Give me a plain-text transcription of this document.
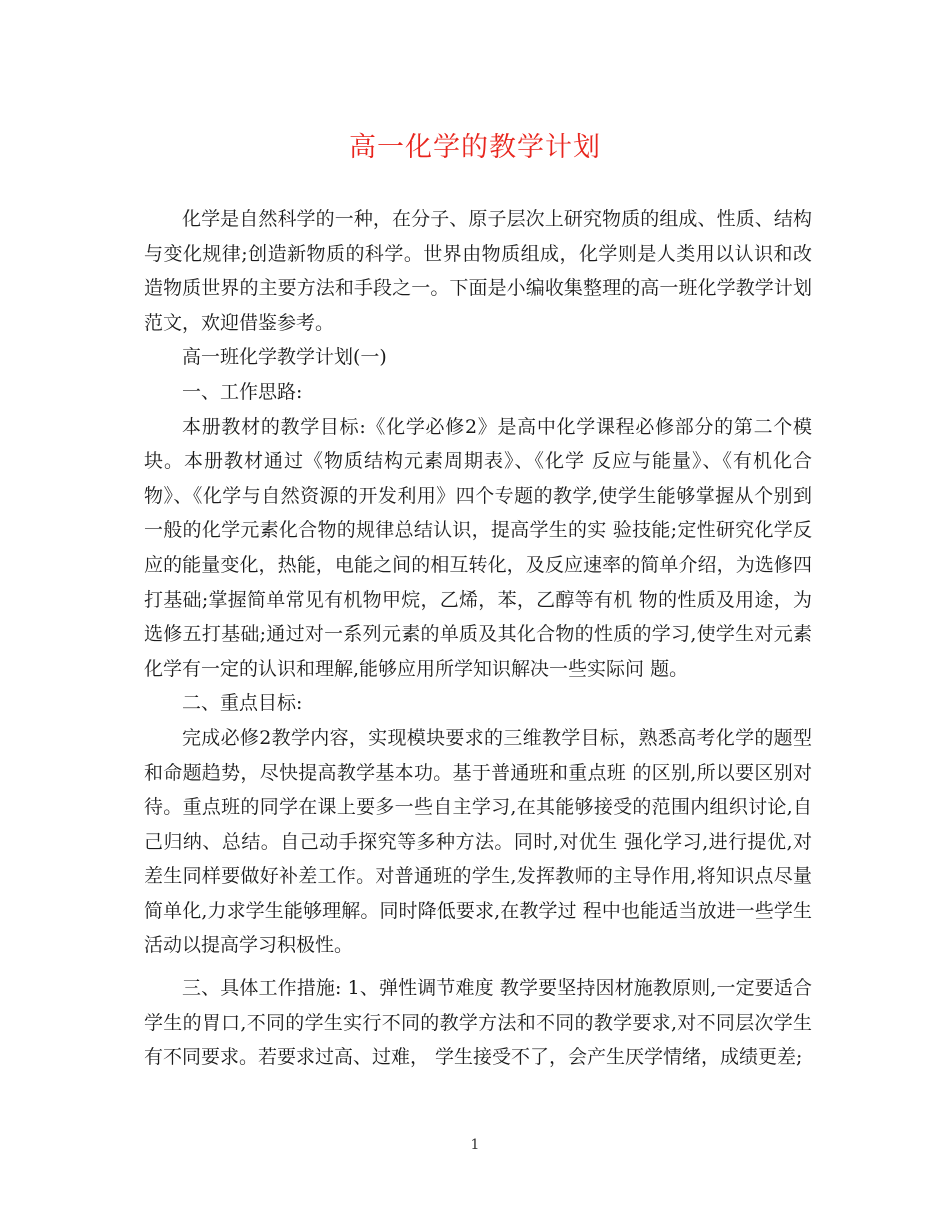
高一化学的教学计划

化学是自然科学的一种，在分子、原子层次上研究物质的组成、性质、结构与变化规律;创造新物质的科学。世界由物质组成，化学则是人类用以认识和改造物质世界的主要方法和手段之一。下面是小编收集整理的高一班化学教学计划范文，欢迎借鉴参考。

高一班化学教学计划(一)

一、工作思路:

本册教材的教学目标:《化学必修2》是高中化学课程必修部分的第二个模块。本册教材通过《物质结构元素周期表》、《化学 反应与能量》、《有机化合物》、《化学与自然资源的开发利用》四个专题的教学,使学生能够掌握从个别到一般的化学元素化合物的规律总结认识，提高学生的实 验技能;定性研究化学反应的能量变化，热能，电能之间的相互转化，及反应速率的简单介绍，为选修四打基础;掌握简单常见有机物甲烷，乙烯，苯，乙醇等有机 物的性质及用途，为选修五打基础;通过对一系列元素的单质及其化合物的性质的学习,使学生对元素化学有一定的认识和理解,能够应用所学知识解决一些实际问 题。

二、重点目标:

完成必修2教学内容，实现模块要求的三维教学目标，熟悉高考化学的题型和命题趋势，尽快提高教学基本功。基于普通班和重点班 的区别,所以要区别对待。重点班的同学在课上要多一些自主学习,在其能够接受的范围内组织讨论,自己归纳、总结。自己动手探究等多种方法。同时,对优生 强化学习,进行提优,对差生同样要做好补差工作。对普通班的学生,发挥教师的主导作用,将知识点尽量简单化,力求学生能够理解。同时降低要求,在教学过 程中也能适当放进一些学生活动以提高学习积极性。

三、具体工作措施: 1、弹性调节难度 教学要坚持因材施教原则,一定要适合学生的胃口,不同的学生实行不同的教学方法和不同的教学要求,对不同层次学生有不同要求。若要求过高、过难， 学生接受不了，会产生厌学情绪，成绩更差;

1
